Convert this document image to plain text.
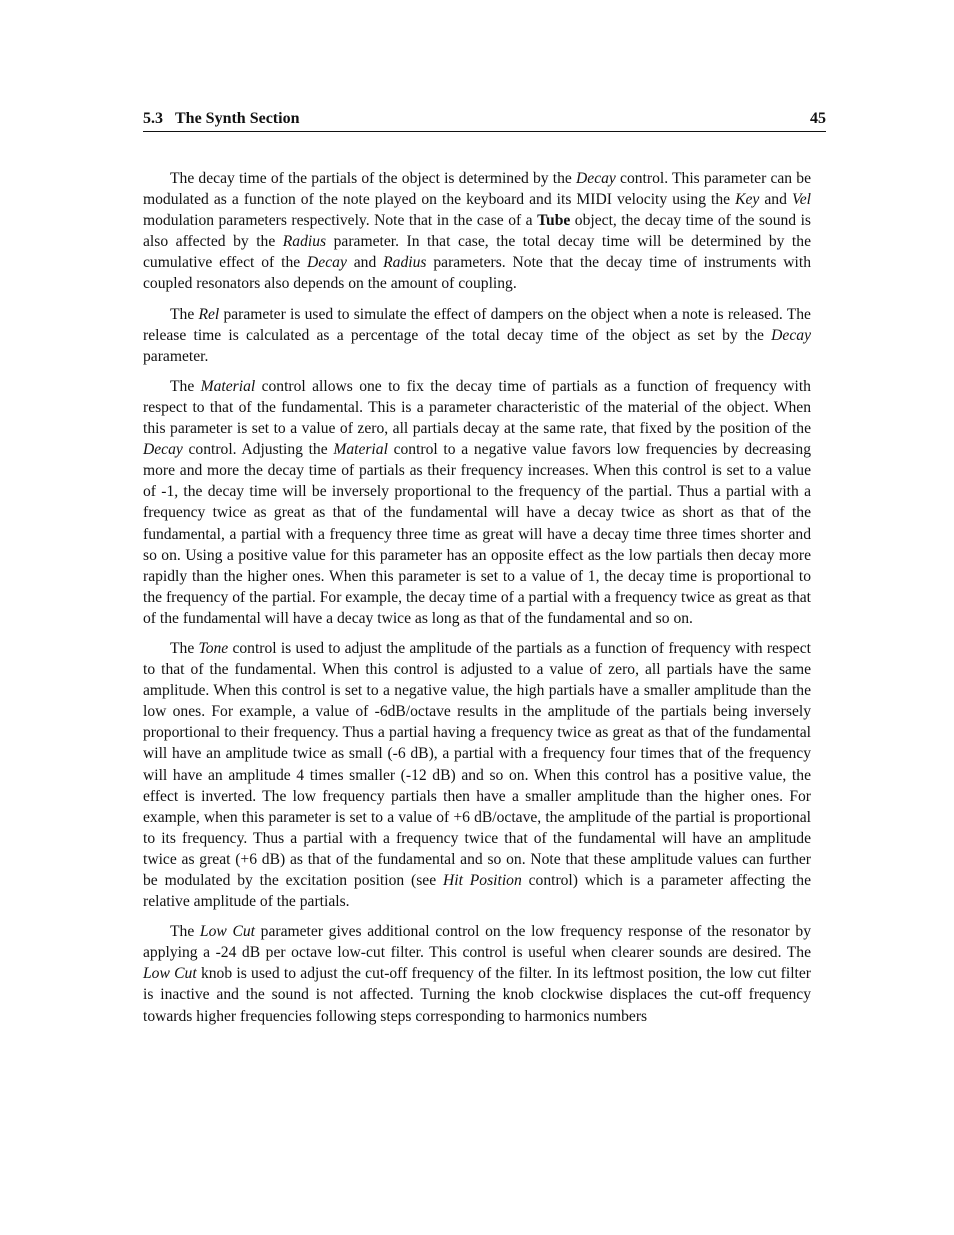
5.3 The Synth Section	45

The decay time of the partials of the object is determined by the Decay control. This parameter can be modulated as a function of the note played on the keyboard and its MIDI velocity using the Key and Vel modulation parameters respectively. Note that in the case of a Tube object, the decay time of the sound is also affected by the Radius parameter. In that case, the total decay time will be determined by the cumulative effect of the Decay and Radius parameters. Note that the decay time of instruments with coupled resonators also depends on the amount of coupling.

The Rel parameter is used to simulate the effect of dampers on the object when a note is released. The release time is calculated as a percentage of the total decay time of the object as set by the Decay parameter.

The Material control allows one to fix the decay time of partials as a function of frequency with respect to that of the fundamental. This is a parameter characteristic of the material of the object. When this parameter is set to a value of zero, all partials decay at the same rate, that fixed by the position of the Decay control. Adjusting the Material control to a negative value favors low frequencies by decreasing more and more the decay time of partials as their frequency increases. When this control is set to a value of -1, the decay time will be inversely proportional to the frequency of the partial. Thus a partial with a frequency twice as great as that of the fundamental will have a decay twice as short as that of the fundamental, a partial with a frequency three time as great will have a decay time three times shorter and so on. Using a positive value for this parameter has an opposite effect as the low partials then decay more rapidly than the higher ones. When this parameter is set to a value of 1, the decay time is proportional to the frequency of the partial. For example, the decay time of a partial with a frequency twice as great as that of the fundamental will have a decay twice as long as that of the fundamental and so on.

The Tone control is used to adjust the amplitude of the partials as a function of frequency with respect to that of the fundamental. When this control is adjusted to a value of zero, all partials have the same amplitude. When this control is set to a negative value, the high partials have a smaller amplitude than the low ones. For example, a value of -6dB/octave results in the amplitude of the partials being inversely proportional to their frequency. Thus a partial having a frequency twice as great as that of the fundamental will have an amplitude twice as small (-6 dB), a partial with a frequency four times that of the frequency will have an amplitude 4 times smaller (-12 dB) and so on. When this control has a positive value, the effect is inverted. The low frequency partials then have a smaller amplitude than the higher ones. For example, when this parameter is set to a value of +6 dB/octave, the amplitude of the partial is proportional to its frequency. Thus a partial with a frequency twice that of the fundamental will have an amplitude twice as great (+6 dB) as that of the fundamental and so on. Note that these amplitude values can further be modulated by the excitation position (see Hit Position control) which is a parameter affecting the relative amplitude of the partials.

The Low Cut parameter gives additional control on the low frequency response of the resonator by applying a -24 dB per octave low-cut filter. This control is useful when clearer sounds are desired. The Low Cut knob is used to adjust the cut-off frequency of the filter. In its leftmost position, the low cut filter is inactive and the sound is not affected. Turning the knob clockwise displaces the cut-off frequency towards higher frequencies following steps corresponding to harmonics numbers
